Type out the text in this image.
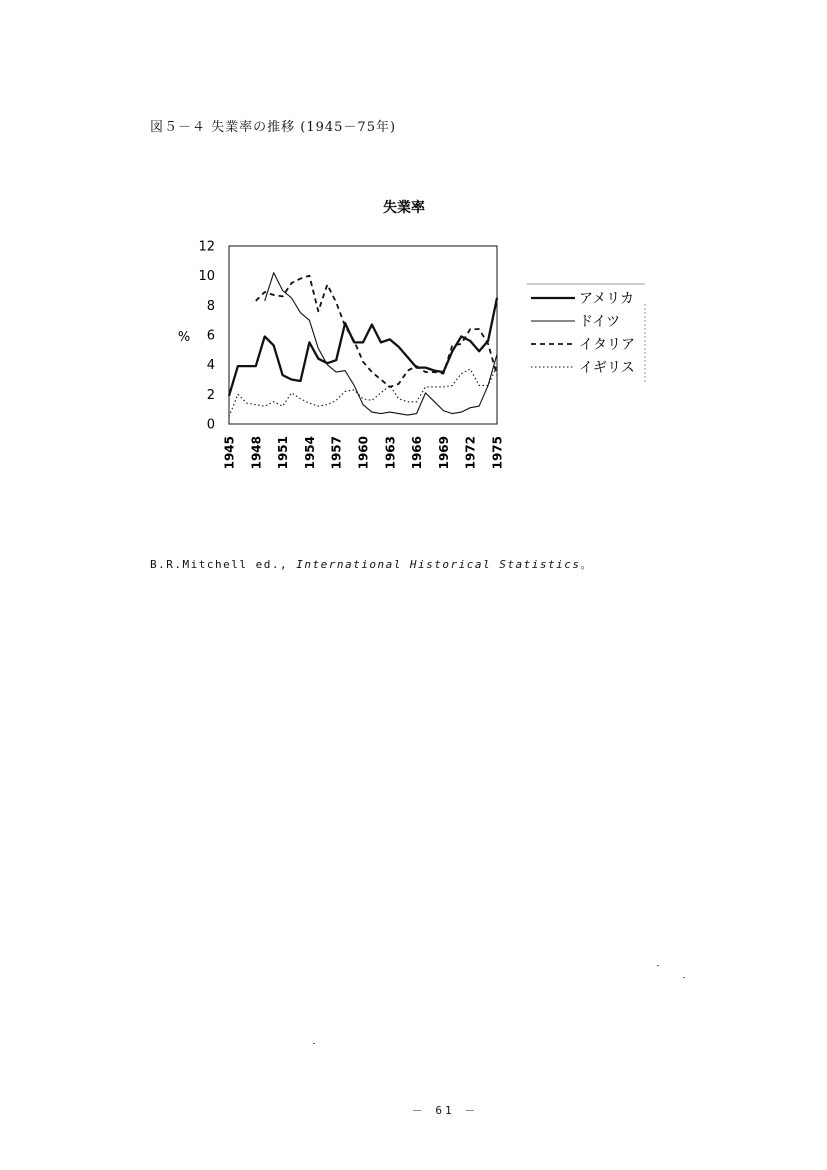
図５－４ 失業率の推移 (1945－75年)
失業率
%
0
2
4
6
8
10
12
1945 1948 1951 1954 1957 1960 1963 1966 1969 1972 1975
アメリカ
ドイツ
イタリア
イギリス
B.R.Mitchell ed., International Historical Statistics。
－ 61 －
